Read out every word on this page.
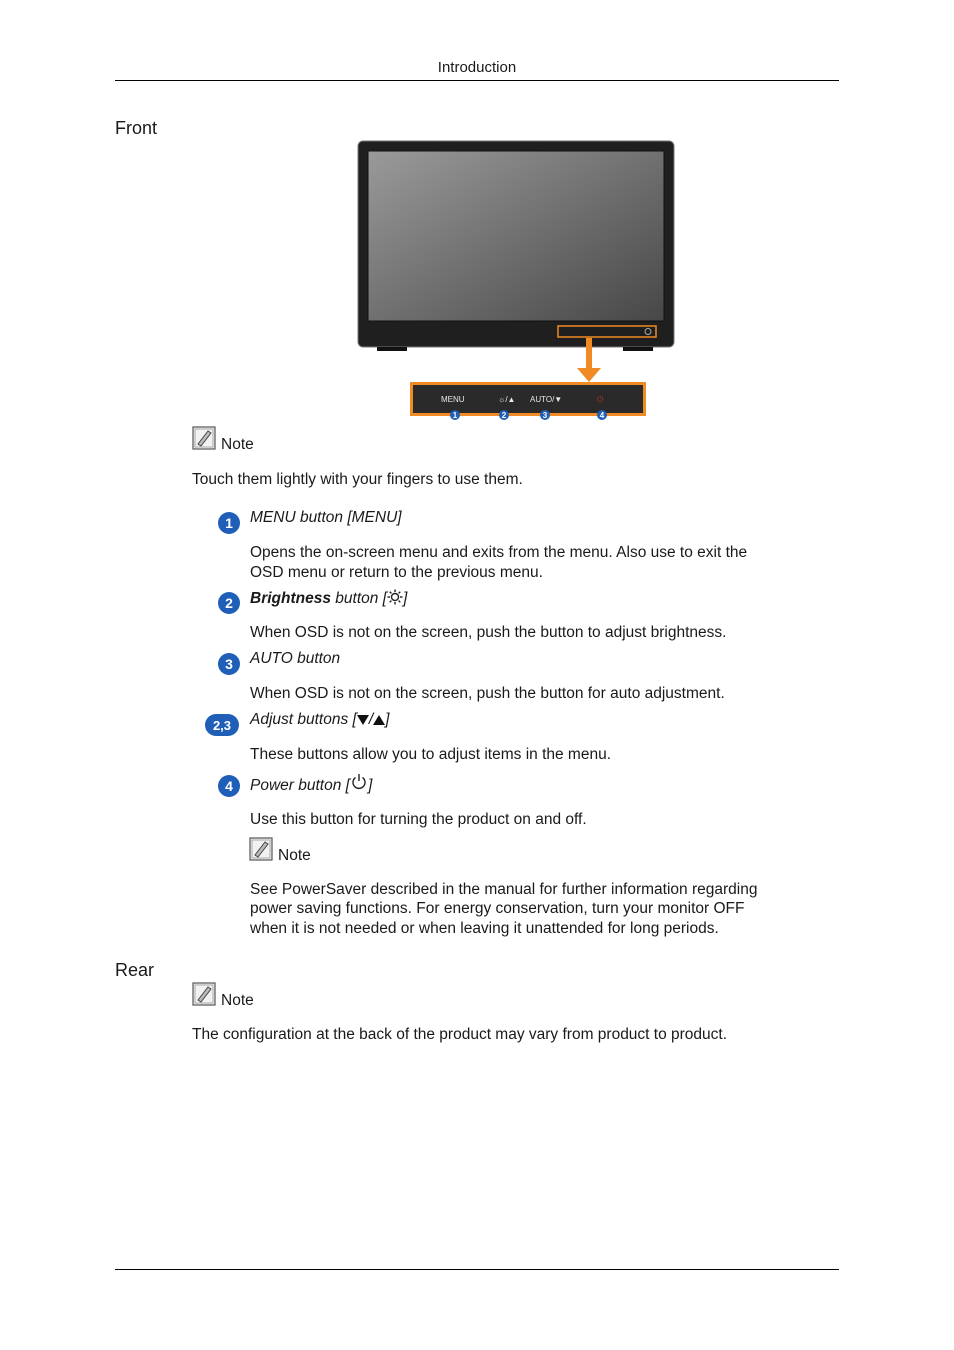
Introduction
Front
MENU	☼/▲ AUTO/▼	⏻
1	2	3	4
Note
Touch them lightly with your fingers to use them.
1 MENU button [MENU]
Opens the on-screen menu and exits from the menu. Also use to exit the
OSD menu or return to the previous menu.
2 Brightness button [ ]
When OSD is not on the screen, push the button to adjust brightness.
3 AUTO button
When OSD is not on the screen, push the button for auto adjustment.
2,3 Adjust buttons [ / ]
These buttons allow you to adjust items in the menu.
4 Power button [ ]
Use this button for turning the product on and off.
Note
See PowerSaver described in the manual for further information regarding
power saving functions. For energy conservation, turn your monitor OFF
when it is not needed or when leaving it unattended for long periods.
Rear
Note
The configuration at the back of the product may vary from product to product.
